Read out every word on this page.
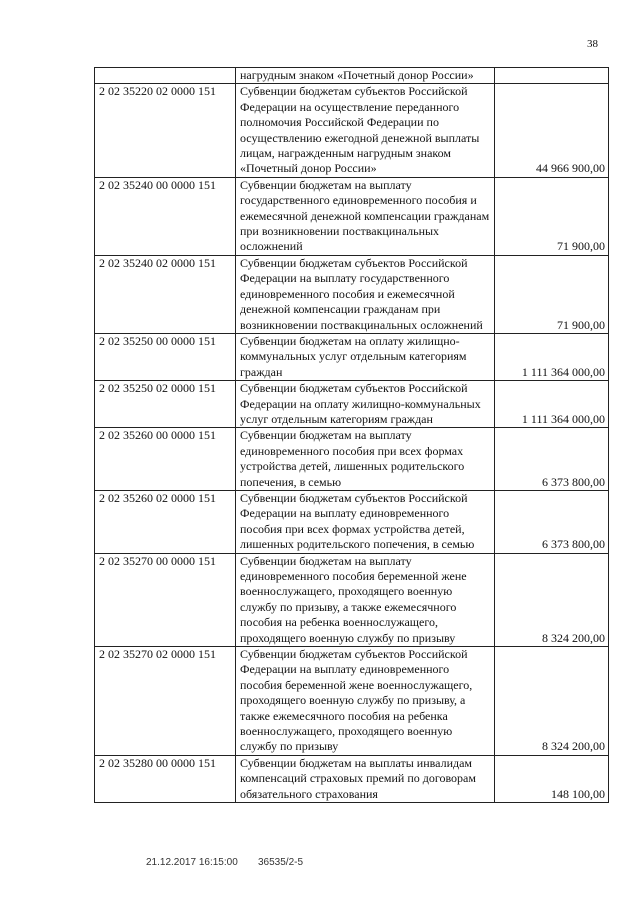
38
	нагрудным знаком «Почетный донор России»	
2 02 35220 02 0000 151	Субвенции бюджетам субъектов Российской Федерации на осуществление переданного полномочия Российской Федерации по осуществлению ежегодной денежной выплаты лицам, награжденным нагрудным знаком «Почетный донор России»	44 966 900,00
2 02 35240 00 0000 151	Субвенции бюджетам на выплату государственного единовременного пособия и ежемесячной денежной компенсации гражданам при возникновении поствакцинальных осложнений	71 900,00
2 02 35240 02 0000 151	Субвенции бюджетам субъектов Российской Федерации на выплату государственного единовременного пособия и ежемесячной денежной компенсации гражданам при возникновении поствакцинальных осложнений	71 900,00
2 02 35250 00 0000 151	Субвенции бюджетам на оплату жилищно-коммунальных услуг отдельным категориям граждан	1 111 364 000,00
2 02 35250 02 0000 151	Субвенции бюджетам субъектов Российской Федерации на оплату жилищно-коммунальных услуг отдельным категориям граждан	1 111 364 000,00
2 02 35260 00 0000 151	Субвенции бюджетам на выплату единовременного пособия при всех формах устройства детей, лишенных родительского попечения, в семью	6 373 800,00
2 02 35260 02 0000 151	Субвенции бюджетам субъектов Российской Федерации на выплату единовременного пособия при всех формах устройства детей, лишенных родительского попечения, в семью	6 373 800,00
2 02 35270 00 0000 151	Субвенции бюджетам на выплату единовременного пособия беременной жене военнослужащего, проходящего военную службу по призыву, а также ежемесячного пособия на ребенка военнослужащего, проходящего военную службу по призыву	8 324 200,00
2 02 35270 02 0000 151	Субвенции бюджетам субъектов Российской Федерации на выплату единовременного пособия беременной жене военнослужащего, проходящего военную службу по призыву, а также ежемесячного пособия на ребенка военнослужащего, проходящего военную службу по призыву	8 324 200,00
2 02 35280 00 0000 151	Субвенции бюджетам на выплаты инвалидам компенсаций страховых премий по договорам обязательного страхования	148 100,00
21.12.2017 16:15:00 36535/2-5
